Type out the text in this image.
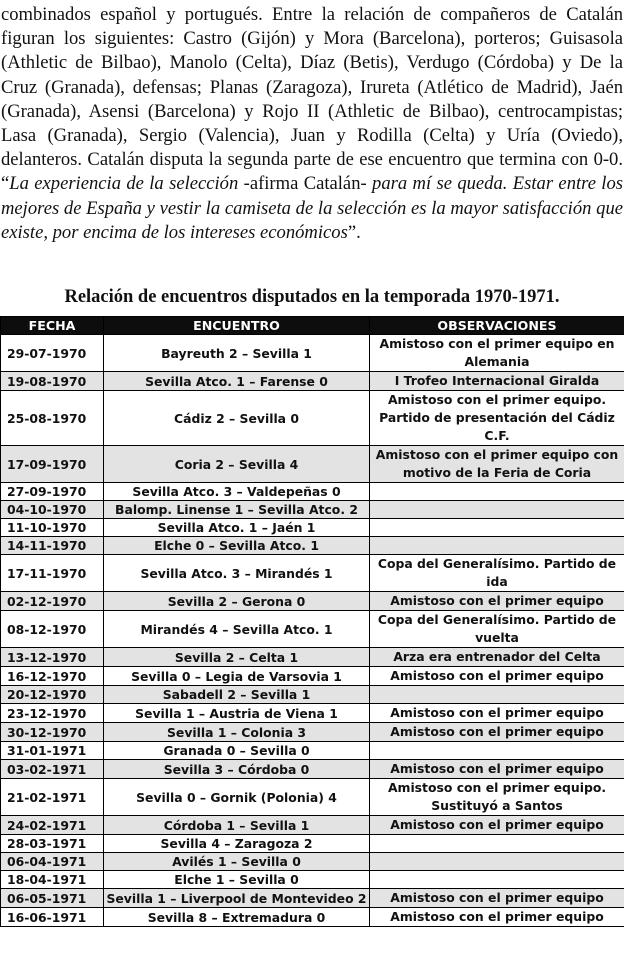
combinados español y portugués. Entre la relación de compañeros de Catalán figuran los siguientes: Castro (Gijón) y Mora (Barcelona), porteros; Guisasola (Athletic de Bilbao), Manolo (Celta), Díaz (Betis), Verdugo (Córdoba) y De la Cruz (Granada), defensas; Planas (Zaragoza), Irureta (Atlético de Madrid), Jaén (Granada), Asensi (Barcelona) y Rojo II (Athletic de Bilbao), centrocampistas; Lasa (Granada), Sergio (Valencia), Juan y Rodilla (Celta) y Uría (Oviedo), delanteros. Catalán disputa la segunda parte de ese encuentro que termina con 0-0. “La experiencia de la selección -afirma Catalán- para mí se queda. Estar entre los mejores de España y vestir la camiseta de la selección es la mayor satisfacción que existe, por encima de los intereses económicos”.

Relación de encuentros disputados en la temporada 1970-1971.
FECHA	ENCUENTRO	OBSERVACIONES
29-07-1970	Bayreuth 2 – Sevilla 1	Amistoso con el primer equipo en Alemania
19-08-1970	Sevilla Atco. 1 – Farense 0	I Trofeo Internacional Giralda
25-08-1970	Cádiz 2 – Sevilla 0	Amistoso con el primer equipo. Partido de presentación del Cádiz C.F.
17-09-1970	Coria 2 – Sevilla 4	Amistoso con el primer equipo con motivo de la Feria de Coria
27-09-1970	Sevilla Atco. 3 – Valdepeñas 0	
04-10-1970	Balomp. Linense 1 – Sevilla Atco. 2	
11-10-1970	Sevilla Atco. 1 – Jaén 1	
14-11-1970	Elche 0 – Sevilla Atco. 1	
17-11-1970	Sevilla Atco. 3 – Mirandés 1	Copa del Generalísimo. Partido de ida
02-12-1970	Sevilla 2 – Gerona 0	Amistoso con el primer equipo
08-12-1970	Mirandés 4 – Sevilla Atco. 1	Copa del Generalísimo. Partido de vuelta
13-12-1970	Sevilla 2 – Celta 1	Arza era entrenador del Celta
16-12-1970	Sevilla 0 – Legia de Varsovia 1	Amistoso con el primer equipo
20-12-1970	Sabadell 2 – Sevilla 1	
23-12-1970	Sevilla 1 – Austria de Viena 1	Amistoso con el primer equipo
30-12-1970	Sevilla 1 – Colonia 3	Amistoso con el primer equipo
31-01-1971	Granada 0 – Sevilla 0	
03-02-1971	Sevilla 3 – Córdoba 0	Amistoso con el primer equipo
21-02-1971	Sevilla 0 – Gornik (Polonia) 4	Amistoso con el primer equipo. Sustituyó a Santos
24-02-1971	Córdoba 1 – Sevilla 1	Amistoso con el primer equipo
28-03-1971	Sevilla 4 – Zaragoza 2	
06-04-1971	Avilés 1 – Sevilla 0	
18-04-1971	Elche 1 – Sevilla 0	
06-05-1971	Sevilla 1 – Liverpool de Montevideo 2	Amistoso con el primer equipo
16-06-1971	Sevilla 8 – Extremadura 0	Amistoso con el primer equipo
